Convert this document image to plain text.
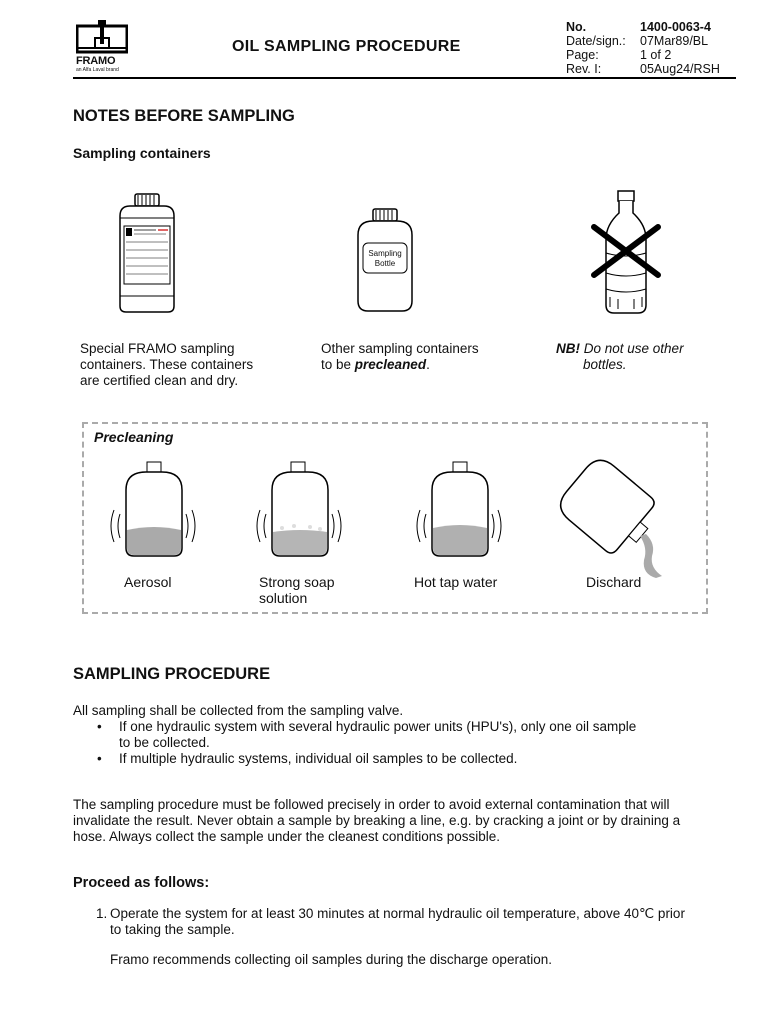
FRAMO
an Alfa Laval brand
OIL SAMPLING PROCEDURE
No.	1400-0063-4
Date/sign.:	07Mar89/BL
Page:	1 of 2
Rev. I:	05Aug24/RSH
NOTES BEFORE SAMPLING
Sampling containers
Sampling Bottle
Special FRAMO sampling
containers. These containers
are certified clean and dry.
Other sampling containers
to be precleaned.
NB! Do not use other
bottles.
Precleaning
Aerosol	Strong soap
solution
Hot tap water	Dischard
SAMPLING PROCEDURE
All sampling shall be collected from the sampling valve.
• If one hydraulic system with several hydraulic power units (HPU's), only one oil sample
to be collected.
• If multiple hydraulic systems, individual oil samples to be collected.
The sampling procedure must be followed precisely in order to avoid external contamination that will
invalidate the result. Never obtain a sample by breaking a line, e.g. by cracking a joint or by draining a
hose. Always collect the sample under the cleanest conditions possible.
Proceed as follows:
1. Operate the system for at least 30 minutes at normal hydraulic oil temperature, above 40℃ prior
to taking the sample.
Framo recommends collecting oil samples during the discharge operation.
